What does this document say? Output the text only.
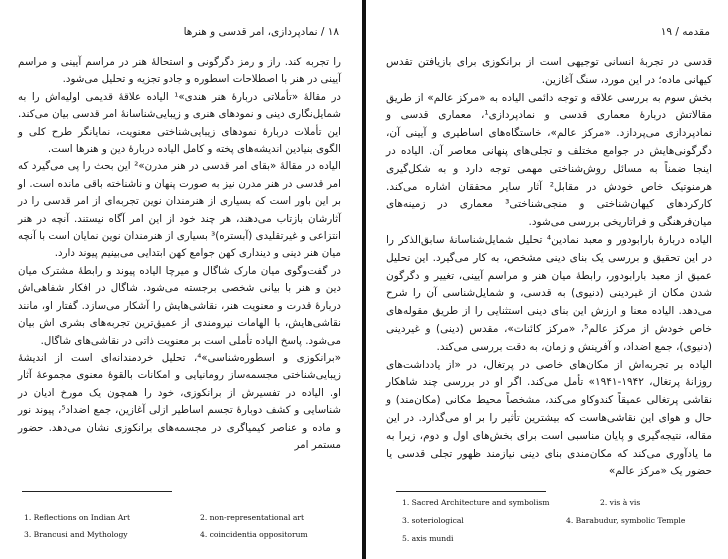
۱۸ / نمادپردازی، امر قدسی و هنرها

را تجربه کند. راز و رمز دگرگونی و استحالهٔ هنر در مراسم آیینی و مراسم آیینی در هنر با اصطلاحات اسطوره و جادو تجزیه و تحلیل می‌شود.

در مقالهٔ «تأملاتی دربارهٔ هنر هندی»¹ الیاده علاقهٔ قدیمی اولیه‌اش را به شمایل‌نگاری دینی و نمودهای هنری و زیبایی‌شناسانهٔ امر قدسی بیان می‌کند. این تأملات دربارهٔ نمودهای زیبایی‌شناختی معنویت، نمایانگر طرح کلی و الگوی بنیادین اندیشه‌های پخته و کامل الیاده دربارهٔ دین و هنرها است.

الیاده در مقالهٔ «بقای امر قدسی در هنر مدرن»² این بحث را پی می‌گیرد که امر قدسی در هنر مدرن نیز به صورت پنهان و ناشناخته باقی مانده است. او بر این باور است که بسیاری از هنرمندان نوین تجربه‌ای از امر قدسی را در آثارشان بازتاب می‌دهند، هر چند خود از این امر آگاه نیستند. آنچه در هنر انتزاعی و غیرتقلیدی (آبستره)³ بسیاری از هنرمندان نوین نمایان است با آنچه میان هنر دینی و دینداری کهن جوامع کهن ابتدایی می‌بینیم پیوند دارد.

در گفت‌وگوی میان مارک شاگال و میرچا الیاده پیوند و رابطهٔ مشترک میان دین و هنر با بیانی شخصی برجسته می‌شود. شاگال در افکار شفاهی‌اش دربارهٔ قدرت و معنویت هنر، نقاشی‌هایش را آشکار می‌سازد. گفتار او، مانند نقاشی‌هایش، با الهامات نیرومندی از عمیق‌ترین تجربه‌های بشری اش بیان می‌شود. پاسخ الیاده تأملی است بر معنویت ذاتی در نقاشی‌های شاگال.

«برانکوزی و اسطوره‌شناسی»⁴، تحلیل خردمندانه‌ای است از اندیشهٔ زیبایی‌شناختی مجسمه‌ساز رومانیایی و امکانات بالقوهٔ معنوی مجموعهٔ آثار او. الیاده در تفسیرش از برانکوزی، خود را همچون یک مورخ ادیان در شناسایی و کشف دوبارهٔ تجسم اساطیر ازلی آغازین، جمع اضداد⁵، پیوند نور و ماده و عناصر کیمیاگری در مجسمه‌های برانکوزی نشان می‌دهد. حضور مستمر امر

1. Reflections on Indian Art	2. non-representational art
3. Brancusi and Mythology	4. coincidentia oppositorum
مقدمه / ۱۹

قدسی در تجربهٔ انسانی توجیهی است از برانکوزی برای بازیافتن تقدس کیهانی ماده؛ در این مورد، سنگ آغازین.

بخش سوم به بررسی علاقه و توجه دائمی الیاده به «مرکز عالم» از طریق مقالاتش دربارهٔ معماری قدسی و نمادپردازی¹، معماری قدسی و نمادپردازی می‌پردازد. «مرکز عالم»، خاستگاه‌های اساطیری و آیینی آن، دگرگونی‌هایش در جوامع مختلف و تجلی‌های پنهانی معاصر آن. الیاده در اینجا ضمناً به مسائل روش‌شناختی مهمی توجه دارد و به شکل‌گیری هرمنوتیک خاص خودش در مقابل² آثار سایر محققان اشاره می‌کند. کارکردهای کیهان‌شناختی و منجی‌شناختی³ معماری در زمینه‌های میان‌فرهنگی و فراتاریخی بررسی می‌شود.

الیاده دربارهٔ بارابودور و معبد نمادین⁴ تحلیل شمایل‌شناسانهٔ سابق‌الذکر را در این تحقیق و بررسی یک بنای دینی مشخص، به کار می‌گیرد. این تحلیل عمیق از معبد بارابودور، رابطهٔ میان هنر و مراسم آیینی، تغییر و دگرگون شدن مکان از غیردینی (دنیوی) به قدسی، و شمایل‌شناسی آن را شرح می‌دهد. الیاده معنا و ارزش این بنای دینی استثنایی را از طریق مقوله‌های خاص خودش از مرکز عالم⁵، «مرکز کائنات»، مقدس (دینی) و غیردینی (دنیوی)، جمع اضداد، و آفرینش و زمان، به دقت بررسی می‌کند.

الیاده بر تجربه‌اش از مکان‌های خاصی در پرتغال، در «از یادداشت‌های روزانهٔ پرتغال، ۱۹۴۲-۱۹۴۱» تأمل می‌کند. اگر او در بررسی چند شاهکار نقاشی پرتغالی عمیقاً کندوکاو می‌کند، مشخصاً محیط مکانی (مکان‌مند) و حال و هوای این نقاشی‌هاست که بیشترین تأثیر را بر او می‌گذارد. در این مقاله، نتیجه‌گیری و پایان مناسبی است برای بخش‌های اول و دوم، زیرا به ما یادآوری می‌کند که مکان‌مندی بنای دینی نیازمند ظهور تجلی قدسی یا حضور یک «مرکز عالم»

1. Sacred Architecture and symbolism	2. vis à vis
3. soteriological	4. Barabudur, symbolic Temple
5. axis mundi
